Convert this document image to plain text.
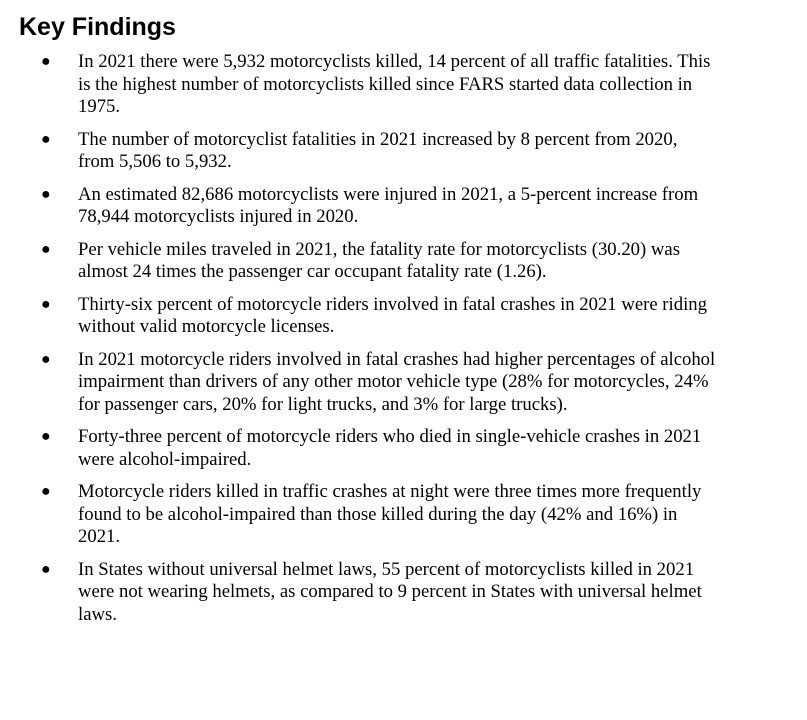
Key Findings
● In 2021 there were 5,932 motorcyclists killed, 14 percent of all traffic fatalities. This is the highest number of motorcyclists killed since FARS started data collection in 1975.
● The number of motorcyclist fatalities in 2021 increased by 8 percent from 2020, from 5,506 to 5,932.
● An estimated 82,686 motorcyclists were injured in 2021, a 5-percent increase from 78,944 motorcyclists injured in 2020.
● Per vehicle miles traveled in 2021, the fatality rate for motorcyclists (30.20) was almost 24 times the passenger car occupant fatality rate (1.26).
● Thirty-six percent of motorcycle riders involved in fatal crashes in 2021 were riding without valid motorcycle licenses.
● In 2021 motorcycle riders involved in fatal crashes had higher percentages of alcohol impairment than drivers of any other motor vehicle type (28% for motorcycles, 24% for passenger cars, 20% for light trucks, and 3% for large trucks).
● Forty-three percent of motorcycle riders who died in single-vehicle crashes in 2021 were alcohol-impaired.
● Motorcycle riders killed in traffic crashes at night were three times more frequently found to be alcohol-impaired than those killed during the day (42% and 16%) in 2021.
● In States without universal helmet laws, 55 percent of motorcyclists killed in 2021 were not wearing helmets, as compared to 9 percent in States with universal helmet laws.
